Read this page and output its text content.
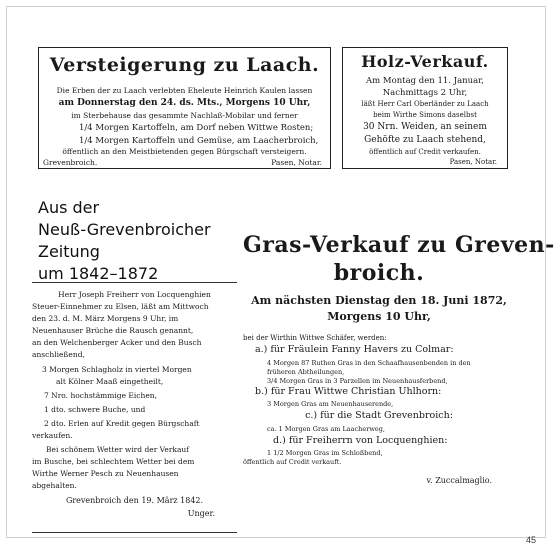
Versteigerung zu Laach.
Die Erben der zu Laach verlebten Eheleute Heinrich Kaulen lassen
am Donnerstag den 24. ds. Mts., Morgens 10 Uhr,
im Sterbehause das gesammte Nachlaß-Mobilar und ferner
1/4 Morgen Kartoffeln, am Dorf neben Wittwe Rosten;
1/4 Morgen Kartoffeln und Gemüse, am Laacherbroich,
öffentlich an den Meistbietenden gegen Bürgschaft versteigern.
Grevenbroich.	Pasen, Notar.
Holz-Verkauf.
Am Montag den 11. Januar,
Nachmittags 2 Uhr,
läßt Herr Carl Oberländer zu Laach
beim Wirthe Simons daselbst
30 Nrn. Weiden, an seinem
Gehöfte zu Laach stehend,
öffentlich auf Credit verkaufen.
Pasen, Notar.
Aus der
Neuß-Grevenbroicher
Zeitung
um 1842–1872
Herr Joseph Freiherr von Locquenghien
Steuer-Einnehmer zu Elsen, läßt am Mittwoch
den 23. d. M. März Morgens 9 Uhr, im
Neuenhauser Brüche die Rausch genannt,
an den Welchenberger Acker und den Busch
anschließend,
3 Morgen Schlagholz in viertel Morgen
alt Kölner Maaß eingetheilt,
7 Nro. hochstämmige Eichen,
1 dto. schwere Buche, und
2 dto. Erlen auf Kredit gegen Bürgschaft
verkaufen.
Bei schönem Wetter wird der Verkauf
im Busche, bei schlechtem Wetter bei dem
Wirthe Werner Pesch zu Neuenhausen
abgehalten.
Grevenbroich den 19. März 1842.
Unger.
Gras-Verkauf zu Greven-
broich.
Am nächsten Dienstag den 18. Juni 1872,
Morgens 10 Uhr,
bei der Wirthin Wittwe Schäfer, werden:
a.) für Fräulein Fanny Havers zu Colmar:
4 Morgen 87 Ruthen Gras in den Schaafhausenbenden in den
früheren Abtheilungen,
3/4 Morgen Gras in 3 Parzellen im Neuenhausferbend,
b.) für Frau Wittwe Christian Uhlhorn:
3 Morgen Gras am Neuenhauserende,
c.) für die Stadt Grevenbroich:
ca. 1 Morgen Gras am Laacherweg,
d.) für Freiherrn von Locquenghien:
1 1/2 Morgen Gras im Schloßbend,
öffentlich auf Credit verkauft.
v. Zuccalmaglio.
45
